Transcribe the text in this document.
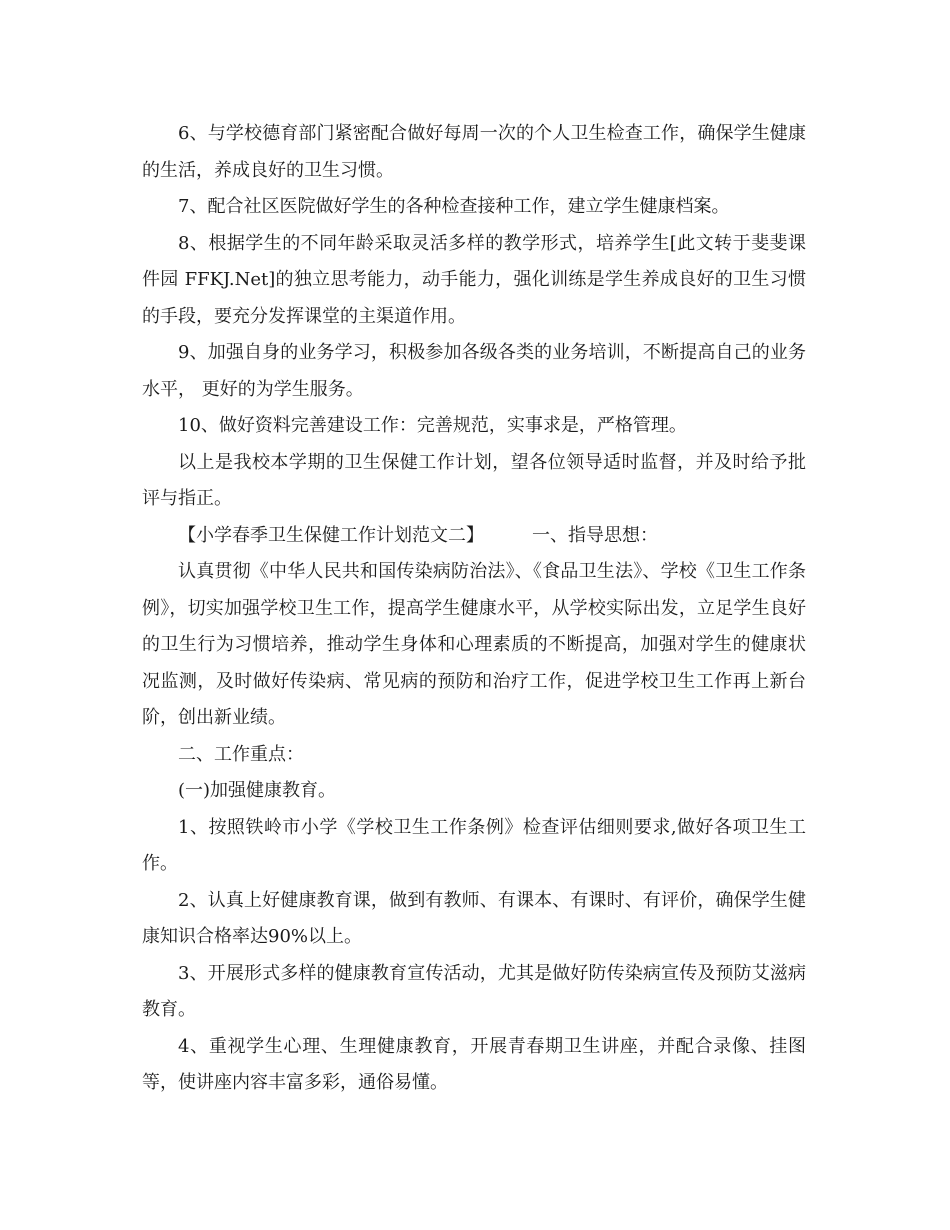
6、与学校德育部门紧密配合做好每周一次的个人卫生检查工作，确保学生健康的生活，养成良好的卫生习惯。

7、配合社区医院做好学生的各种检查接种工作，建立学生健康档案。

8、根据学生的不同年龄采取灵活多样的教学形式，培养学生[此文转于斐斐课件园 FFKJ.Net]的独立思考能力，动手能力，强化训练是学生养成良好的卫生习惯的手段，要充分发挥课堂的主渠道作用。

9、加强自身的业务学习，积极参加各级各类的业务培训，不断提高自己的业务水平， 更好的为学生服务。

10、做好资料完善建设工作：完善规范，实事求是，严格管理。

以上是我校本学期的卫生保健工作计划，望各位领导适时监督，并及时给予批评与指正。

【小学春季卫生保健工作计划范文二】	一、指导思想：

认真贯彻《中华人民共和国传染病防治法》、《食品卫生法》、学校《卫生工作条例》，切实加强学校卫生工作，提高学生健康水平，从学校实际出发，立足学生良好的卫生行为习惯培养，推动学生身体和心理素质的不断提高，加强对学生的健康状况监测，及时做好传染病、常见病的预防和治疗工作，促进学校卫生工作再上新台阶，创出新业绩。

二、工作重点：

(一)加强健康教育。

1、按照铁岭市小学《学校卫生工作条例》检查评估细则要求,做好各项卫生工作。

2、认真上好健康教育课，做到有教师、有课本、有课时、有评价，确保学生健康知识合格率达90%以上。

3、开展形式多样的健康教育宣传活动，尤其是做好防传染病宣传及预防艾滋病教育。

4、重视学生心理、生理健康教育，开展青春期卫生讲座，并配合录像、挂图等，使讲座内容丰富多彩，通俗易懂。
